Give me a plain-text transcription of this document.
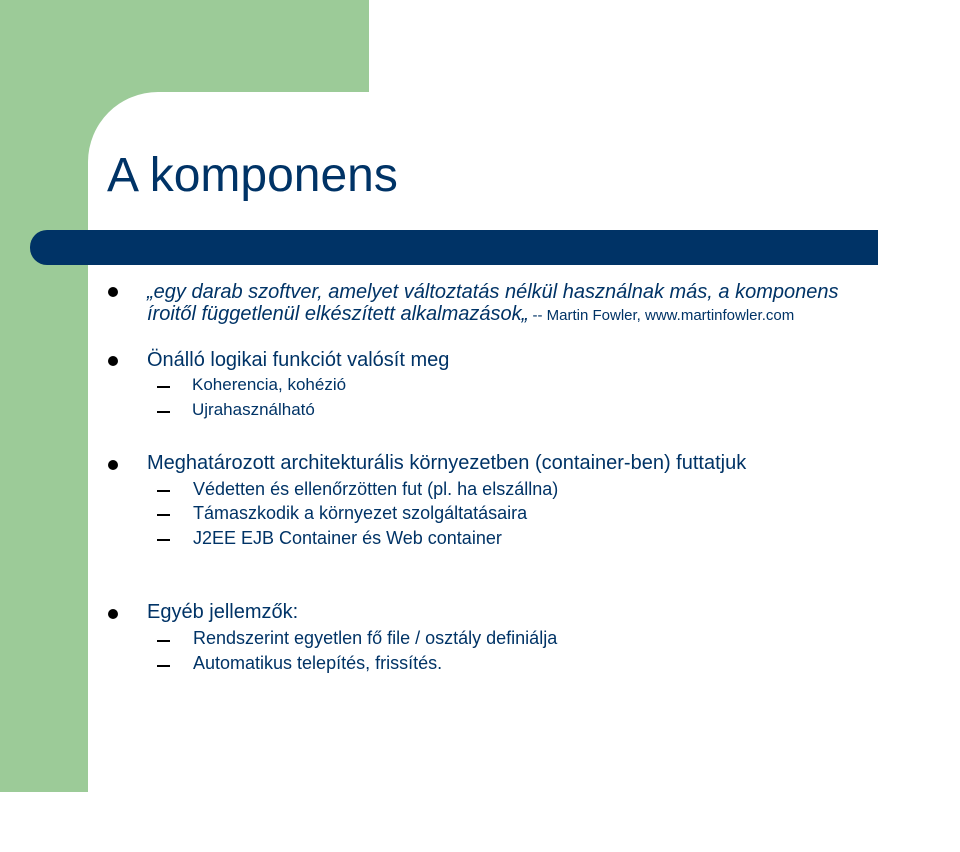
A komponens
„egy darab szoftver, amelyet változtatás nélkül használnak más, a komponens
íroitől függetlenül elkészített alkalmazások„ -- Martin Fowler, www.martinfowler.com
Önálló logikai funkciót valósít meg
Koherencia, kohézió
Ujrahasználható
Meghatározott architekturális környezetben (container-ben) futtatjuk
Védetten és ellenőrzötten fut (pl. ha elszállna)
Támaszkodik a környezet szolgáltatásaira
J2EE EJB Container és Web container
Egyéb jellemzők:
Rendszerint egyetlen fő file / osztály definiálja
Automatikus telepítés, frissítés.
